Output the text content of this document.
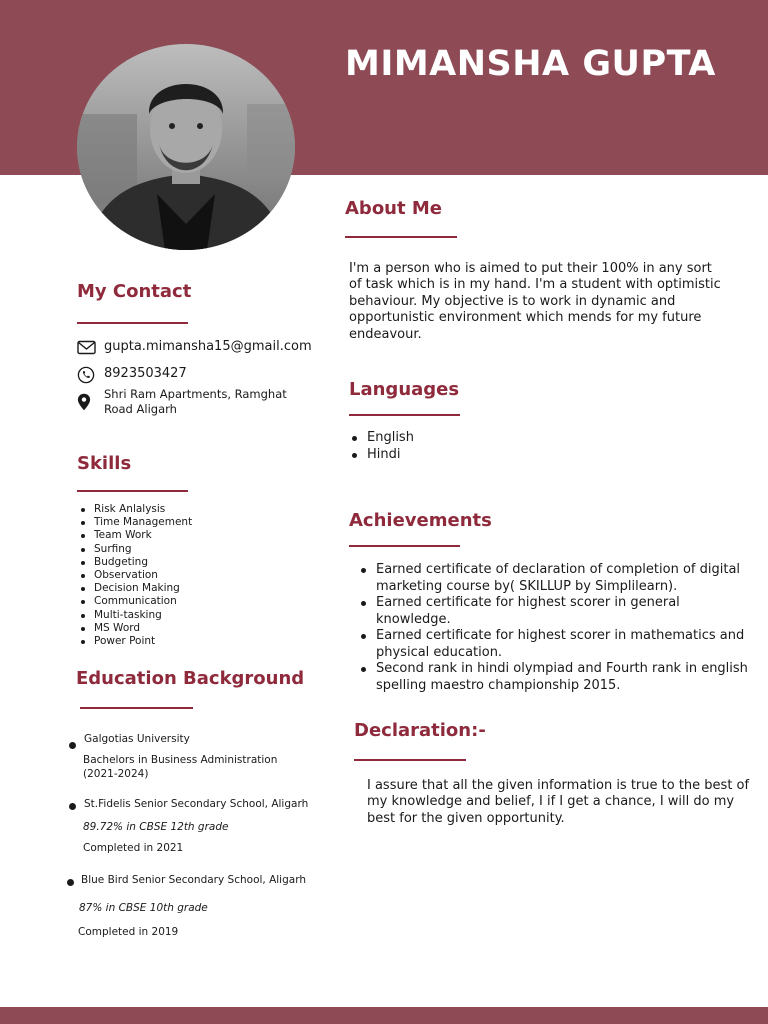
MIMANSHA GUPTA
My Contact
gupta.mimansha15@gmail.com
8923503427
Shri Ram Apartments, Ramghat
Road Aligarh
Skills
Risk Anlalysis
Time Management
Team Work
Surfing
Budgeting
Observation
Decision Making
Communication
Multi-tasking
MS Word
Power Point
Education Background
Galgotias University
Bachelors in Business Administration
(2021-2024)
St.Fidelis Senior Secondary School, Aligarh
89.72% in CBSE 12th grade
Completed in 2021
Blue Bird Senior Secondary School, Aligarh
87% in CBSE 10th grade
Completed in 2019
About Me
I'm a person who is aimed to put their 100% in any sort
of task which is in my hand. I'm a student with optimistic
behaviour. My objective is to work in dynamic and
opportunistic environment which mends for my future
endeavour.
Languages
English
Hindi
Achievements
Earned certificate of declaration of completion of digital
marketing course by( SKILLUP by Simplilearn).
Earned certificate for highest scorer in general knowledge.
Earned certificate for highest scorer in mathematics and
physical education.
Second rank in hindi olympiad and Fourth rank in english
spelling maestro championship 2015.
Declaration:-
I assure that all the given information is true to the best of
my knowledge and belief, I if I get a chance, I will do my
best for the given opportunity.
